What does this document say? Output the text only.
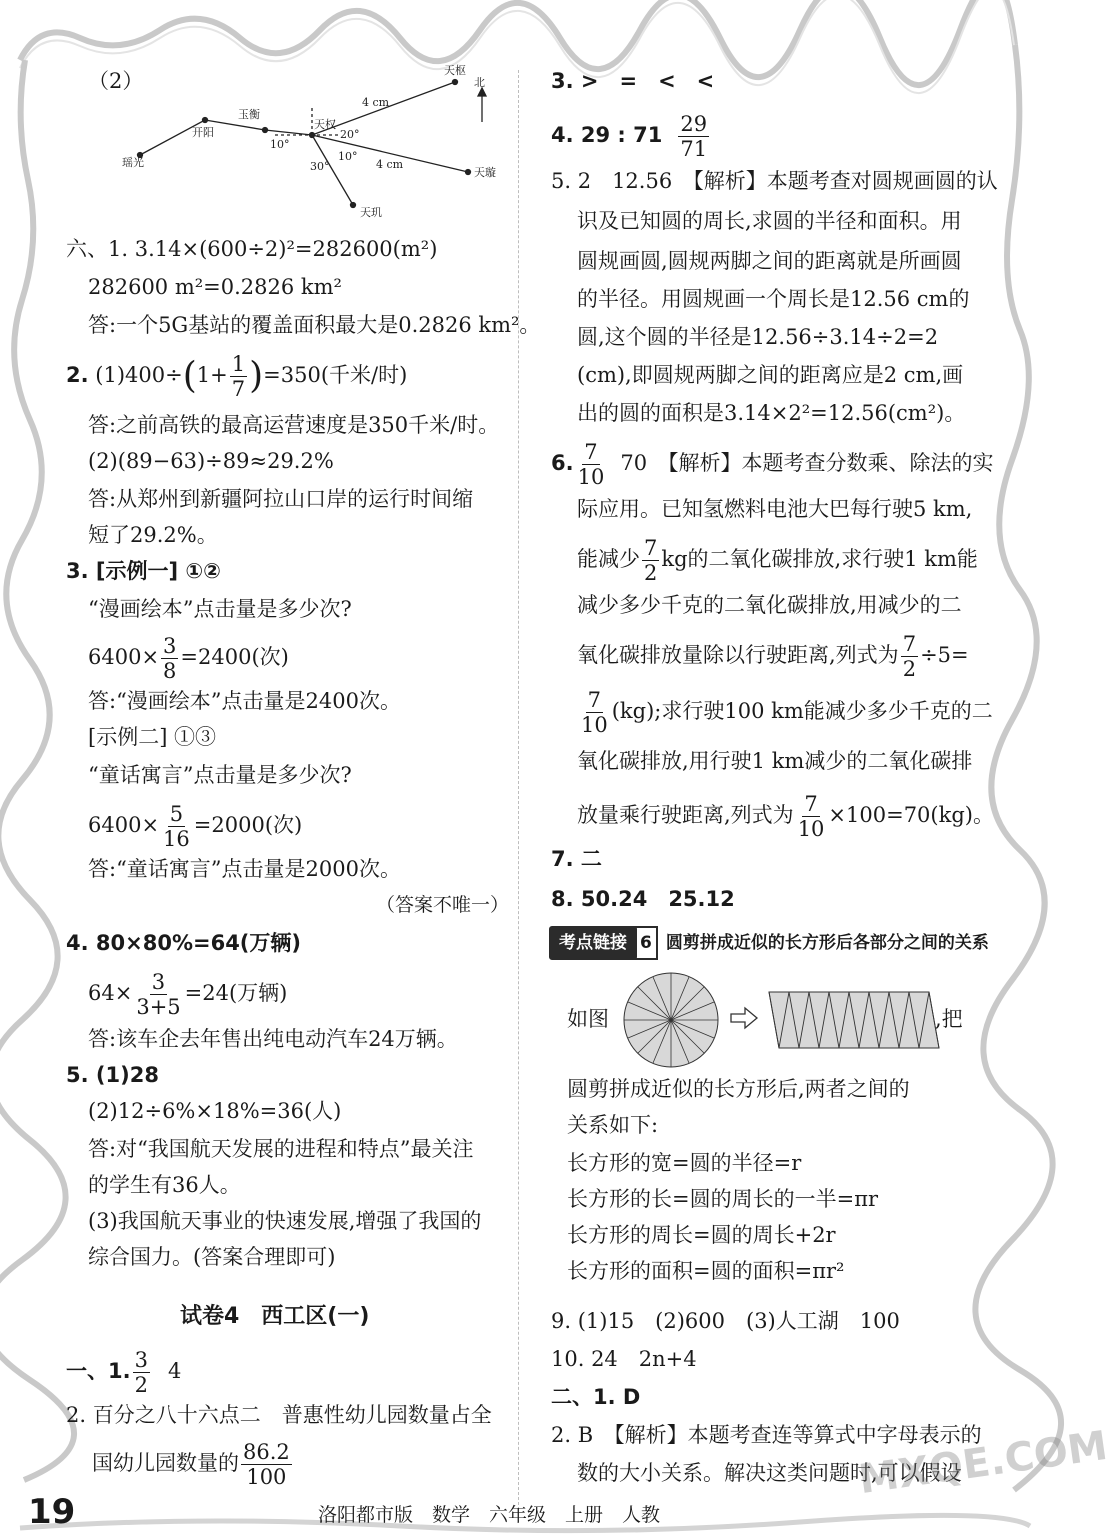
（2）	北
天枢
玉衡
开阳
天权
瑶光
天玑
天璇
10°
20°
30°
10°
4 cm
4 cm
六、1. 3.14×(600÷2)²=282600(m²)
282600 m²=0.2826 km²
答:一个5G基站的覆盖面积最大是0.2826 km²。
2. $(1)400\div(1+ \frac{1}{7} )=350$(千米/时)
答:之前高铁的最高运营速度是350千米/时。
(2)(89−63)÷89≈29.2%
答:从郑州到新疆阿拉山口岸的运行时间缩
短了29.2%。
3. [示例一] ①②
“漫画绘本”点击量是多少次?
$6400\times \frac{3}{8} =2400$(次)
答:“漫画绘本”点击量是2400次。
[示例二] ①③
“童话寓言”点击量是多少次?
$6400\times \frac{5}{16} =2000$(次)
答:“童话寓言”点击量是2000次。
（答案不唯一）
4. 80×80%=64(万辆)
$64\times \frac{3}{3+5} =24$(万辆)
答:该车企去年售出纯电动汽车24万辆。
5. (1)28
(2)12÷6%×18%=36(人)
答:对“我国航天发展的进程和特点”最关注
的学生有36人。
(3)我国航天事业的快速发展,增强了我国的
综合国力。(答案合理即可)
试卷4　西工区(一)
一、1. $\frac{3}{2} 4$
2. 百分之八十六点二　普惠性幼儿园数量占全
国幼儿园数量的 $\frac{86.2}{100}$
3. >　=　<　<
4. 29 : $71 \frac{29}{71}$
5. 2　12.56　【解析】本题考查对圆规画圆的认
识及已知圆的周长,求圆的半径和面积。用
圆规画圆,圆规两脚之间的距离就是所画圆
的半径。用圆规画一个周长是12.56 cm的
圆,这个圆的半径是12.56÷3.14÷2=2
(cm),即圆规两脚之间的距离应是2 cm,画
出的圆的面积是3.14×2²=12.56(cm²)。
6. $\frac{7}{10} 70$　【解析】本题考查分数乘、除法的实
际应用。已知氢燃料电池大巴每行驶5 km,
能减少 $\frac{7}{2}$ kg的二氧化碳排放,求行驶1 km能
减少多少千克的二氧化碳排放,用减少的二
氧化碳排放量除以行驶距离,列式为 $\frac{7}{2} \div 5=$
$\frac{7}{10} (kg)$;求行驶100 km能减少多少千克的二
氧化碳排放,用行驶1 km减少的二氧化碳排
放量乘行驶距离,列式为 $\frac{7}{10} \times 100=70(kg)$。
7. 二
8. 50.24　25.12
考点链接 6 圆剪拼成近似的长方形后各部分之间的关系
如图	,把
圆剪拼成近似的长方形后,两者之间的
关系如下:
长方形的宽=圆的半径=r
长方形的长=圆的周长的一半=πr
长方形的周长=圆的周长+2r
长方形的面积=圆的面积=πr²
9. (1)15　(2)600　(3)人工湖　100
10. 24　2n+4
二、1. D
2. B　【解析】本题考查连等算式中字母表示的
数的大小关系。解决这类问题时,可以假设
MXQE.COM
19	洛阳都市版　数学　六年级　上册　人教
